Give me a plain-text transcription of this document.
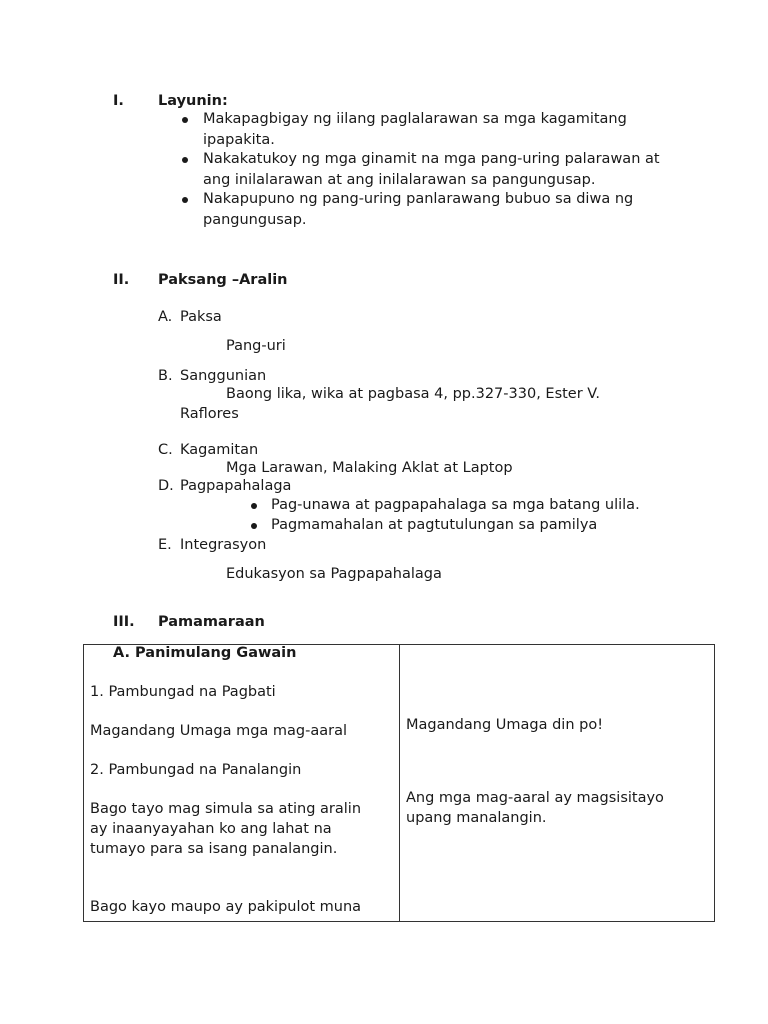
I. Layunin:
Makapagbigay ng iilang paglalarawan sa mga kagamitang
ipapakita.
Nakakatukoy ng mga ginamit na mga pang-uring palarawan at
ang inilalarawan at ang inilalarawan sa pangungusap.
Nakapupuno ng pang-uring panlarawang bubuo sa diwa ng
pangungusap.
II. Paksang –Aralin
A. Paksa
Pang-uri
B. Sanggunian
Baong lika, wika at pagbasa 4, pp.327-330, Ester V.
Raflores
C. Kagamitan
Mga Larawan, Malaking Aklat at Laptop
D. Pagpapahalaga
Pag-unawa at pagpapahalaga sa mga batang ulila.
Pagmamahalan at pagtutulungan sa pamilya
E. Integrasyon
Edukasyon sa Pagpapahalaga
III. Pamamaraan
A. Panimulang Gawain
1. Pambungad na Pagbati
Magandang Umaga mga mag-aaral
2. Pambungad na Panalangin
Bago tayo mag simula sa ating aralin
ay inaanyayahan ko ang lahat na
tumayo para sa isang panalangin.
Bago kayo maupo ay pakipulot muna
Magandang Umaga din po!
Ang mga mag-aaral ay magsisitayo
upang manalangin.
